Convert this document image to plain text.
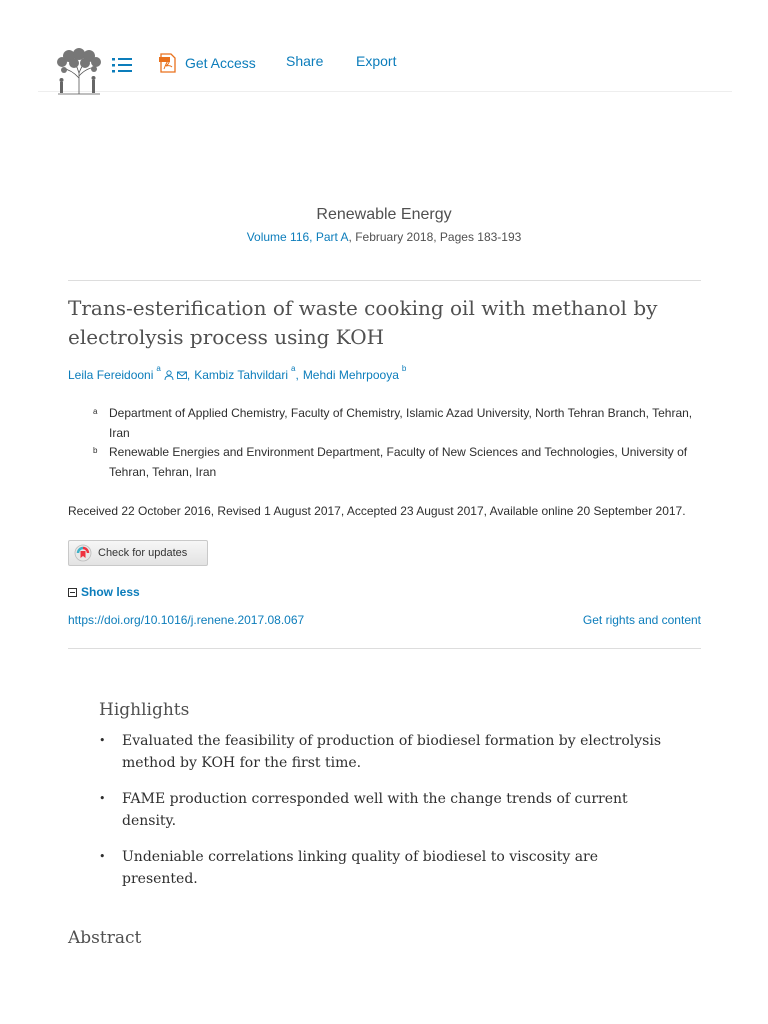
Get Access Share Export
Renewable Energy
Volume 116, Part A, February 2018, Pages 183-193
Trans-esterification of waste cooking oil with methanol by electrolysis process using KOH
Leila Fereidooni $^a$ , Kambiz Tahvildari $^a$ , Mehdi Mehrpooya $^b$
a Department of Applied Chemistry, Faculty of Chemistry, Islamic Azad University, North Tehran Branch, Tehran, Iran
b Renewable Energies and Environment Department, Faculty of New Sciences and Technologies, University of Tehran, Tehran, Iran
Received 22 October 2016, Revised 1 August 2017, Accepted 23 August 2017, Available online 20 September 2017.
Check for updates
Show less
https://doi.org/10.1016/j.renene.2017.08.067	Get rights and content
Highlights
• Evaluated the feasibility of production of biodiesel formation by electrolysis method by KOH for the first time.
• FAME production corresponded well with the change trends of current density.
• Undeniable correlations linking quality of biodiesel to viscosity are presented.
Abstract
